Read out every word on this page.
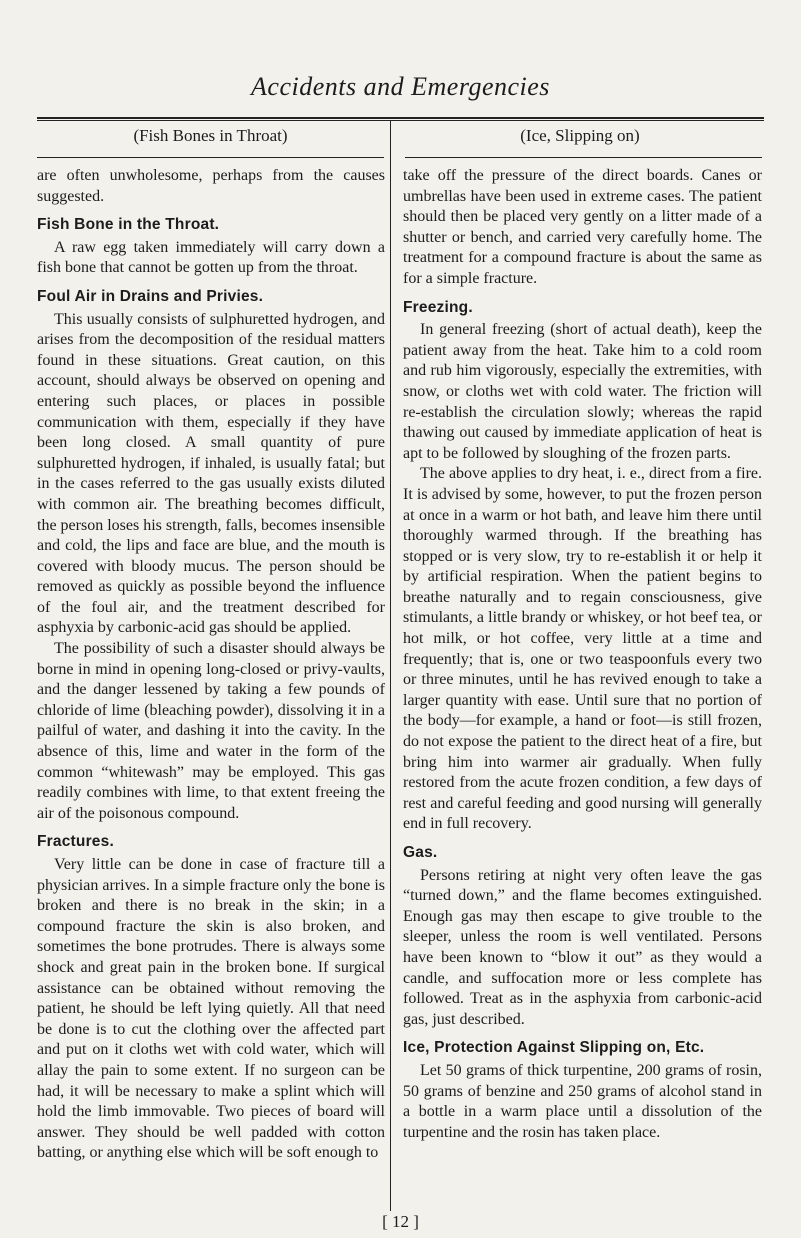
Accidents and Emergencies
(Fish Bones in Throat)	(Ice, Slipping on)

are often unwholesome, perhaps from the causes suggested.

Fish Bone in the Throat.

A raw egg taken immediately will carry down a fish bone that cannot be gotten up from the throat.

Foul Air in Drains and Privies.

This usually consists of sulphuretted hydrogen, and arises from the decomposition of the residual matters found in these situations. Great caution, on this account, should always be observed on opening and entering such places, or places in possible communication with them, especially if they have been long closed. A small quantity of pure sulphuretted hydrogen, if inhaled, is usually fatal; but in the cases referred to the gas usually exists diluted with common air. The breathing becomes difficult, the person loses his strength, falls, becomes insensible and cold, the lips and face are blue, and the mouth is covered with bloody mucus. The person should be removed as quickly as possible beyond the influence of the foul air, and the treatment described for asphyxia by carbonic-acid gas should be applied.

The possibility of such a disaster should always be borne in mind in opening long-closed or privy-vaults, and the danger lessened by taking a few pounds of chloride of lime (bleaching powder), dissolving it in a pailful of water, and dashing it into the cavity. In the absence of this, lime and water in the form of the common “whitewash” may be employed. This gas readily combines with lime, to that extent freeing the air of the poisonous compound.

Fractures.

Very little can be done in case of fracture till a physician arrives. In a simple fracture only the bone is broken and there is no break in the skin; in a compound fracture the skin is also broken, and sometimes the bone protrudes. There is always some shock and great pain in the broken bone. If surgical assistance can be obtained without removing the patient, he should be left lying quietly. All that need be done is to cut the clothing over the affected part and put on it cloths wet with cold water, which will allay the pain to some extent. If no surgeon can be had, it will be necessary to make a splint which will hold the limb immovable. Two pieces of board will answer. They should be well padded with cotton batting, or anything else which will be soft enough to

take off the pressure of the direct boards. Canes or umbrellas have been used in extreme cases. The patient should then be placed very gently on a litter made of a shutter or bench, and carried very carefully home. The treatment for a compound fracture is about the same as for a simple fracture.

Freezing.

In general freezing (short of actual death), keep the patient away from the heat. Take him to a cold room and rub him vigorously, especially the extremities, with snow, or cloths wet with cold water. The friction will re-establish the circulation slowly; whereas the rapid thawing out caused by immediate application of heat is apt to be followed by sloughing of the frozen parts.

The above applies to dry heat, i. e., direct from a fire. It is advised by some, however, to put the frozen person at once in a warm or hot bath, and leave him there until thoroughly warmed through. If the breathing has stopped or is very slow, try to re-establish it or help it by artificial respiration. When the patient begins to breathe naturally and to regain consciousness, give stimulants, a little brandy or whiskey, or hot beef tea, or hot milk, or hot coffee, very little at a time and frequently; that is, one or two teaspoonfuls every two or three minutes, until he has revived enough to take a larger quantity with ease. Until sure that no portion of the body—for example, a hand or foot—is still frozen, do not expose the patient to the direct heat of a fire, but bring him into warmer air gradually. When fully restored from the acute frozen condition, a few days of rest and careful feeding and good nursing will generally end in full recovery.

Gas.

Persons retiring at night very often leave the gas “turned down,” and the flame becomes extinguished. Enough gas may then escape to give trouble to the sleeper, unless the room is well ventilated. Persons have been known to “blow it out” as they would a candle, and suffocation more or less complete has followed. Treat as in the asphyxia from carbonic-acid gas, just described.

Ice, Protection Against Slipping on, Etc.

Let 50 grams of thick turpentine, 200 grams of rosin, 50 grams of benzine and 250 grams of alcohol stand in a bottle in a warm place until a dissolution of the turpentine and the rosin has taken place.

[ 12 ]
